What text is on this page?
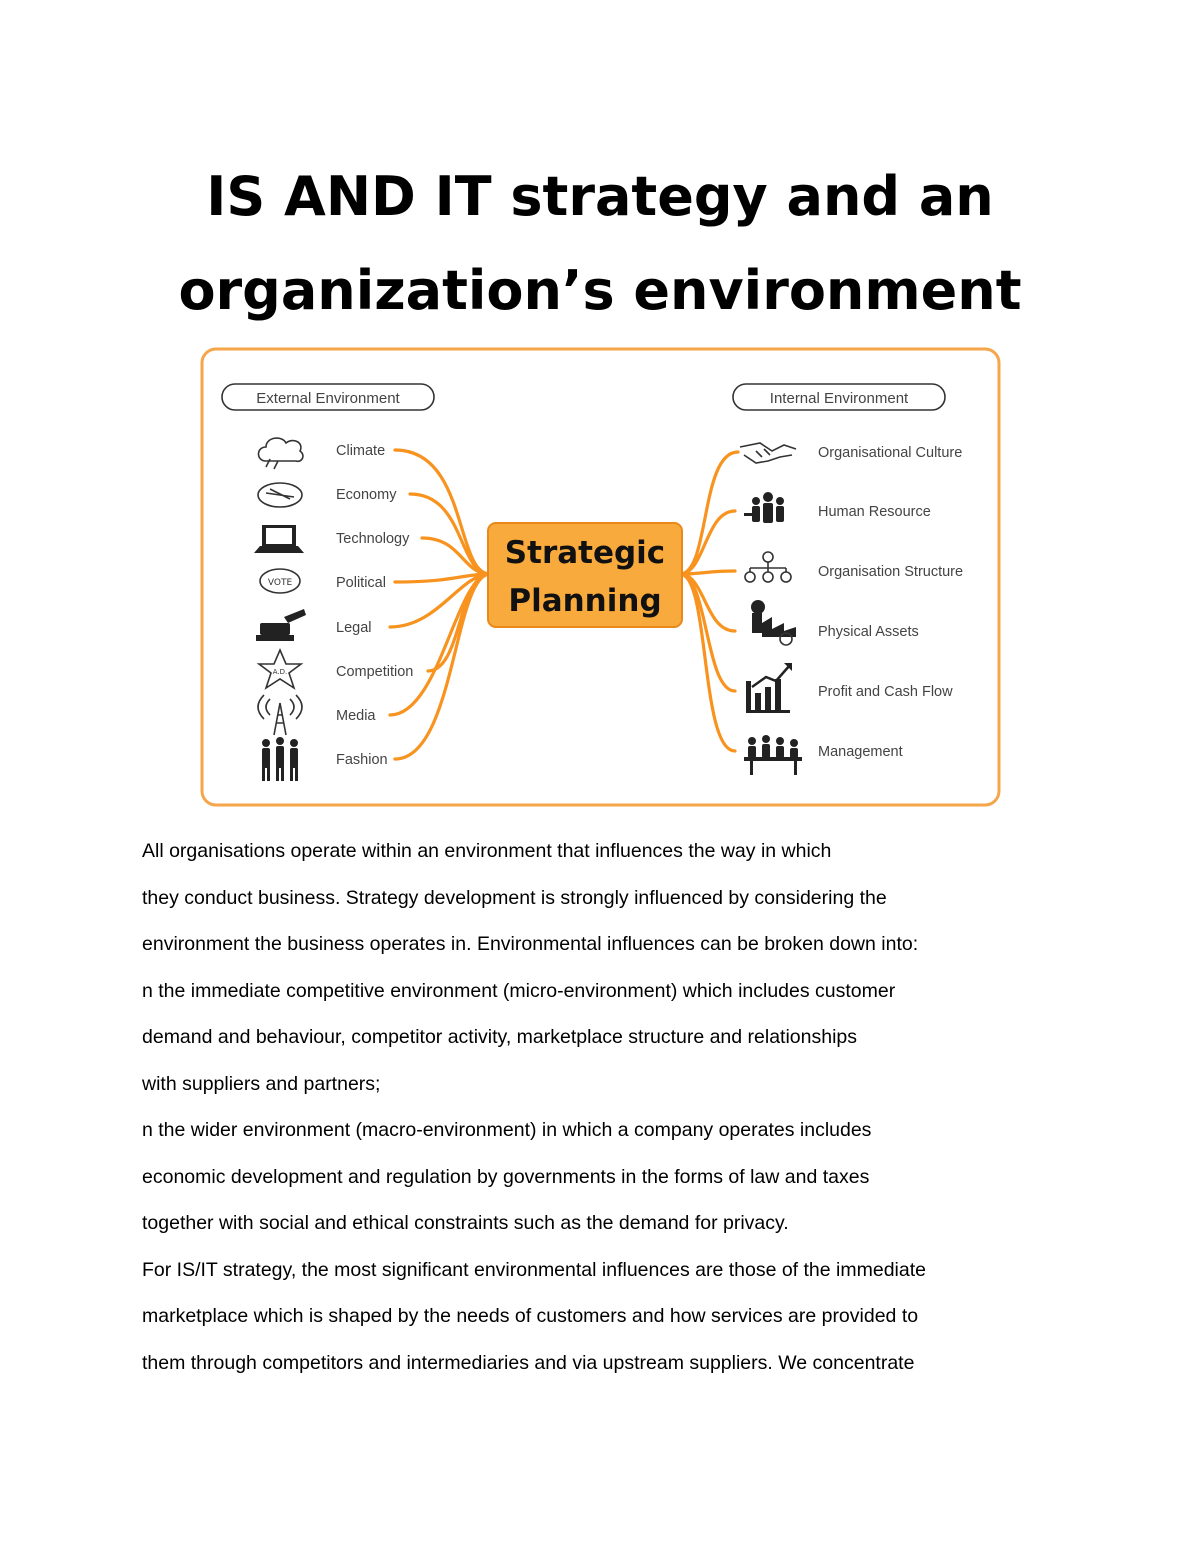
IS AND IT strategy and an
organization’s environment
External Environment	Internal Environment
Strategic
Planning
Climate
Economy
Technology
Political
Legal
Competition
Media
Fashion
Organisational Culture
Human Resource
Organisation Structure
Physical Assets
Profit and Cash Flow
Management
VOTE
A.D.
All organisations operate within an environment that influences the way in which
they conduct business. Strategy development is strongly influenced by considering the
environment the business operates in. Environmental influences can be broken down into:
n the immediate competitive environment (micro-environment) which includes customer
demand and behaviour, competitor activity, marketplace structure and relationships
with suppliers and partners;
n the wider environment (macro-environment) in which a company operates includes
economic development and regulation by governments in the forms of law and taxes
together with social and ethical constraints such as the demand for privacy.
For IS/IT strategy, the most significant environmental influences are those of the immediate
marketplace which is shaped by the needs of customers and how services are provided to
them through competitors and intermediaries and via upstream suppliers. We concentrate
